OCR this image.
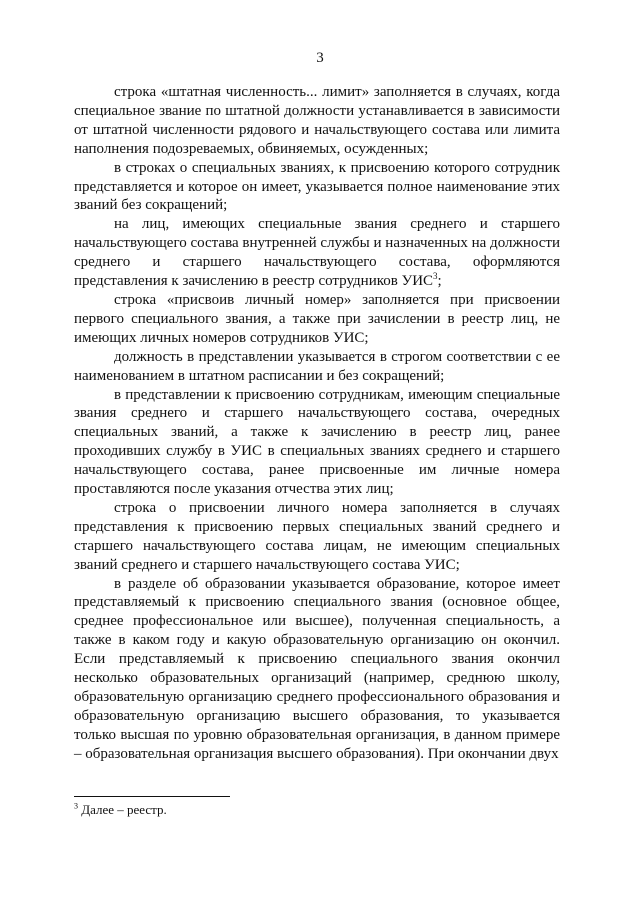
3

строка «штатная численность... лимит» заполняется в случаях, когда специальное звание по штатной должности устанавливается в зависимости от штатной численности рядового и начальствующего состава или лимита наполнения подозреваемых, обвиняемых, осужденных;

в строках о специальных званиях, к присвоению которого сотрудник представляется и которое он имеет, указывается полное наименование этих званий без сокращений;

на лиц, имеющих специальные звания среднего и старшего начальствующего состава внутренней службы и назначенных на должности среднего и старшего начальствующего состава, оформляются представления к зачислению в реестр сотрудников УИС$^3$;

строка «присвоив личный номер» заполняется при присвоении первого специального звания, а также при зачислении в реестр лиц, не имеющих личных номеров сотрудников УИС;

должность в представлении указывается в строгом соответствии с ее наименованием в штатном расписании и без сокращений;

в представлении к присвоению сотрудникам, имеющим специальные звания среднего и старшего начальствующего состава, очередных специальных званий, а также к зачислению в реестр лиц, ранее проходивших службу в УИС в специальных званиях среднего и старшего начальствующего состава, ранее присвоенные им личные номера проставляются после указания отчества этих лиц;

строка о присвоении личного номера заполняется в случаях представления к присвоению первых специальных званий среднего и старшего начальствующего состава лицам, не имеющим специальных званий среднего и старшего начальствующего состава УИС;

в разделе об образовании указывается образование, которое имеет представляемый к присвоению специального звания (основное общее, среднее профессиональное или высшее), полученная специальность, а также в каком году и какую образовательную организацию он окончил. Если представляемый к присвоению специального звания окончил несколько образовательных организаций (например, среднюю школу, образовательную организацию среднего профессионального образования и образовательную организацию высшего образования, то указывается только высшая по уровню образовательная организация, в данном примере – образовательная организация высшего образования). При окончании двух

$^3$ Далее – реестр.
